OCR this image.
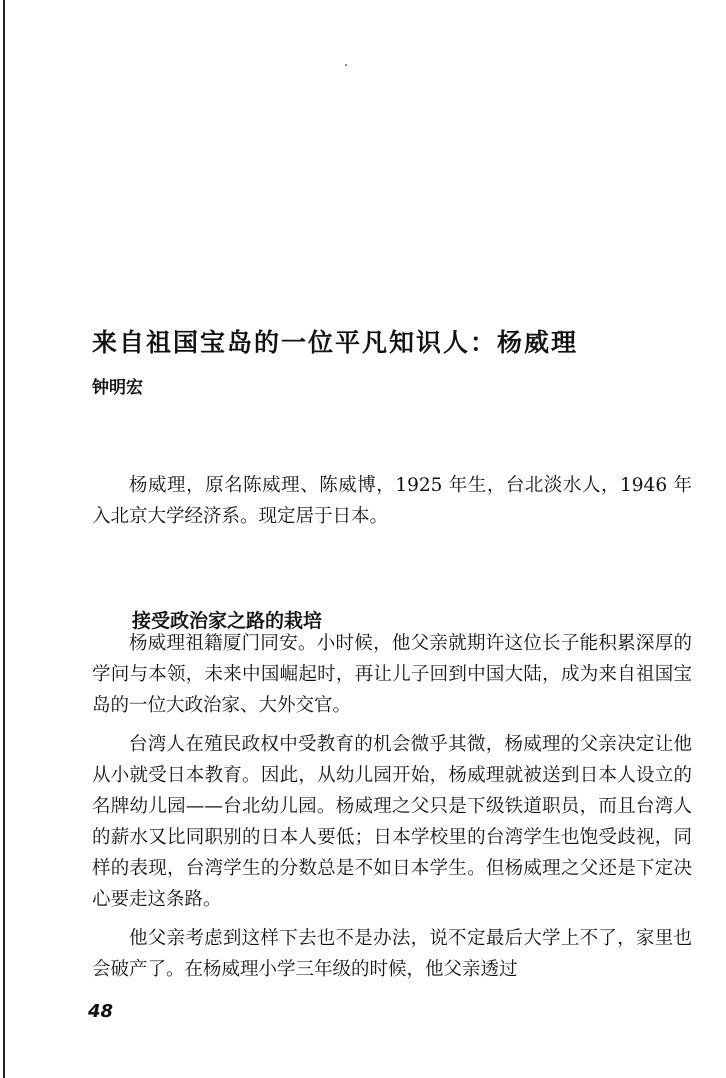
来自祖国宝岛的一位平凡知识人：杨威理
钟明宏

杨威理，原名陈威理、陈威博，1925 年生，台北淡水人，1946 年入北京大学经济系。现定居于日本。

接受政治家之路的栽培

杨威理祖籍厦门同安。小时候，他父亲就期许这位长子能积累深厚的学问与本领，未来中国崛起时，再让儿子回到中国大陆，成为来自祖国宝岛的一位大政治家、大外交官。

台湾人在殖民政权中受教育的机会微乎其微，杨威理的父亲决定让他从小就受日本教育。因此，从幼儿园开始，杨威理就被送到日本人设立的名牌幼儿园——台北幼儿园。杨威理之父只是下级铁道职员，而且台湾人的薪水又比同职别的日本人要低；日本学校里的台湾学生也饱受歧视，同样的表现，台湾学生的分数总是不如日本学生。但杨威理之父还是下定决心要走这条路。

他父亲考虑到这样下去也不是办法，说不定最后大学上不了，家里也会破产了。在杨威理小学三年级的时候，他父亲透过

48
